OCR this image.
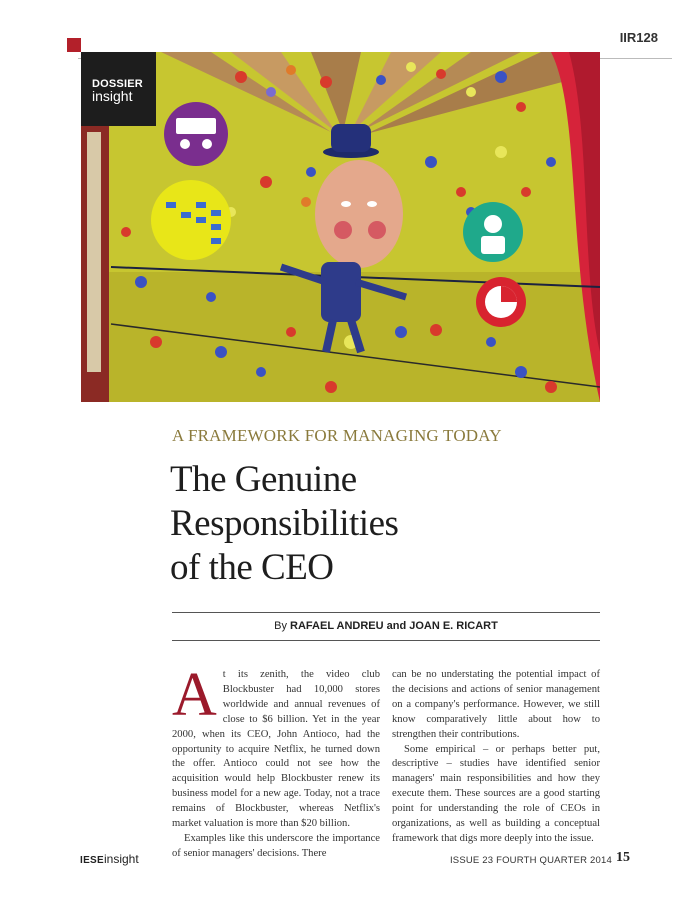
IIR128
DOSSIER
insight
A FRAMEWORK FOR MANAGING TODAY
The Genuine
Responsibilities
of the CEO
By RAFAEL ANDREU and JOAN E. RICART

At its zenith, the video club Blockbuster had 10,000 stores worldwide and annual revenues of close to $6 billion. Yet in the year 2000, when its CEO, John Antioco, had the opportunity to acquire Netflix, he turned down the offer. Antioco could not see how the acquisition would help Blockbuster renew its business model for a new age. Today, not a trace remains of Blockbuster, whereas Netflix's market valuation is more than $20 billion.

Examples like this underscore the importance of senior managers' decisions. There

can be no understating the potential impact of the decisions and actions of senior management on a company's performance. However, we still know comparatively little about how to strengthen their contributions.

Some empirical – or perhaps better put, descriptive – studies have identified senior managers' main responsibilities and how they execute them. These sources are a good starting point for understanding the role of CEOs in organizations, as well as building a conceptual framework that digs more deeply into the issue.

IESEinsight	ISSUE 23 FOURTH QUARTER 2014 15
